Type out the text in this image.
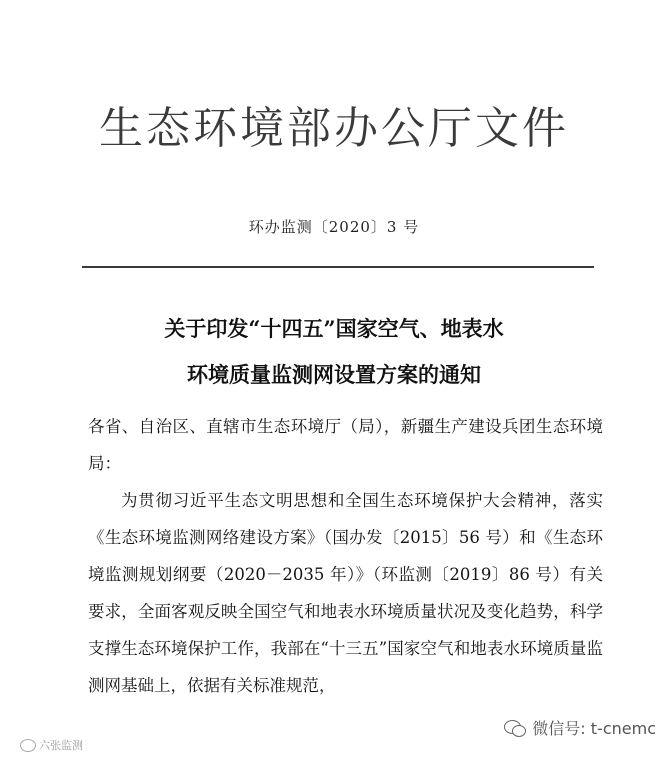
生态环境部办公厅文件
环办监测〔2020〕3 号
关于印发“十四五”国家空气、地表水
环境质量监测网设置方案的通知

各省、自治区、直辖市生态环境厅（局），新疆生产建设兵团生态环境局：

为贯彻习近平生态文明思想和全国生态环境保护大会精神，落实《生态环境监测网络建设方案》（国办发〔2015〕56 号）和《生态环境监测规划纲要（2020－2035 年）》（环监测〔2019〕86 号）有关要求，全面客观反映全国空气和地表水环境质量状况及变化趋势，科学支撑生态环境保护工作，我部在“十三五”国家空气和地表水环境质量监测网基础上，依据有关标准规范，

六张监测
微信号: t-cnemc
